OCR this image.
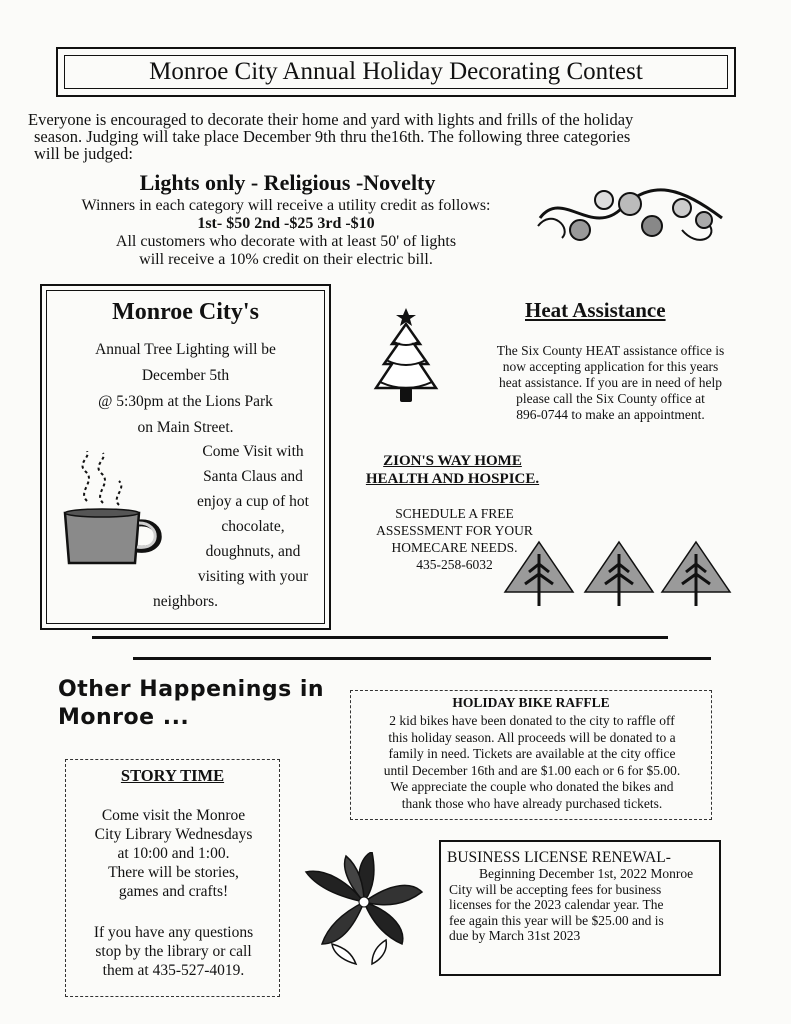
Monroe City Annual Holiday Decorating Contest
Everyone is encouraged to decorate their home and yard with lights and frills of the holiday
season. Judging will take place December 9th thru the16th. The following three categories
will be judged:
Lights only - Religious -Novelty
Winners in each category will receive a utility credit as follows:
1st- $50 2nd -$25 3rd -$10
All customers who decorate with at least 50' of lights
will receive a 10% credit on their electric bill.
Monroe City's
Annual Tree Lighting will be
December 5th
@ 5:30pm at the Lions Park
on Main Street.
Come Visit with
Santa Claus and
enjoy a cup of hot
chocolate,
doughnuts, and
visiting with your
neighbors.
Heat Assistance
The Six County HEAT assistance office is
now accepting application for this years
heat assistance. If you are in need of help
please call the Six County office at
896-0744 to make an appointment.
ZION'S WAY HOME
HEALTH AND HOSPICE.
SCHEDULE A FREE
ASSESSMENT FOR YOUR
HOMECARE NEEDS.
435-258-6032
Other Happenings in
Monroe ...
HOLIDAY BIKE RAFFLE
2 kid bikes have been donated to the city to raffle off
this holiday season. All proceeds will be donated to a
family in need. Tickets are available at the city office
until December 16th and are $1.00 each or 6 for $5.00.
We appreciate the couple who donated the bikes and
thank those who have already purchased tickets.
STORY TIME
Come visit the Monroe
City Library Wednesdays
at 10:00 and 1:00.
There will be stories,
games and crafts!
If you have any questions
stop by the library or call
them at 435-527-4019.
BUSINESS LICENSE RENEWAL-
Beginning December 1st, 2022 Monroe
City will be accepting fees for business
licenses for the 2023 calendar year. The
fee again this year will be $25.00 and is
due by March 31st 2023
